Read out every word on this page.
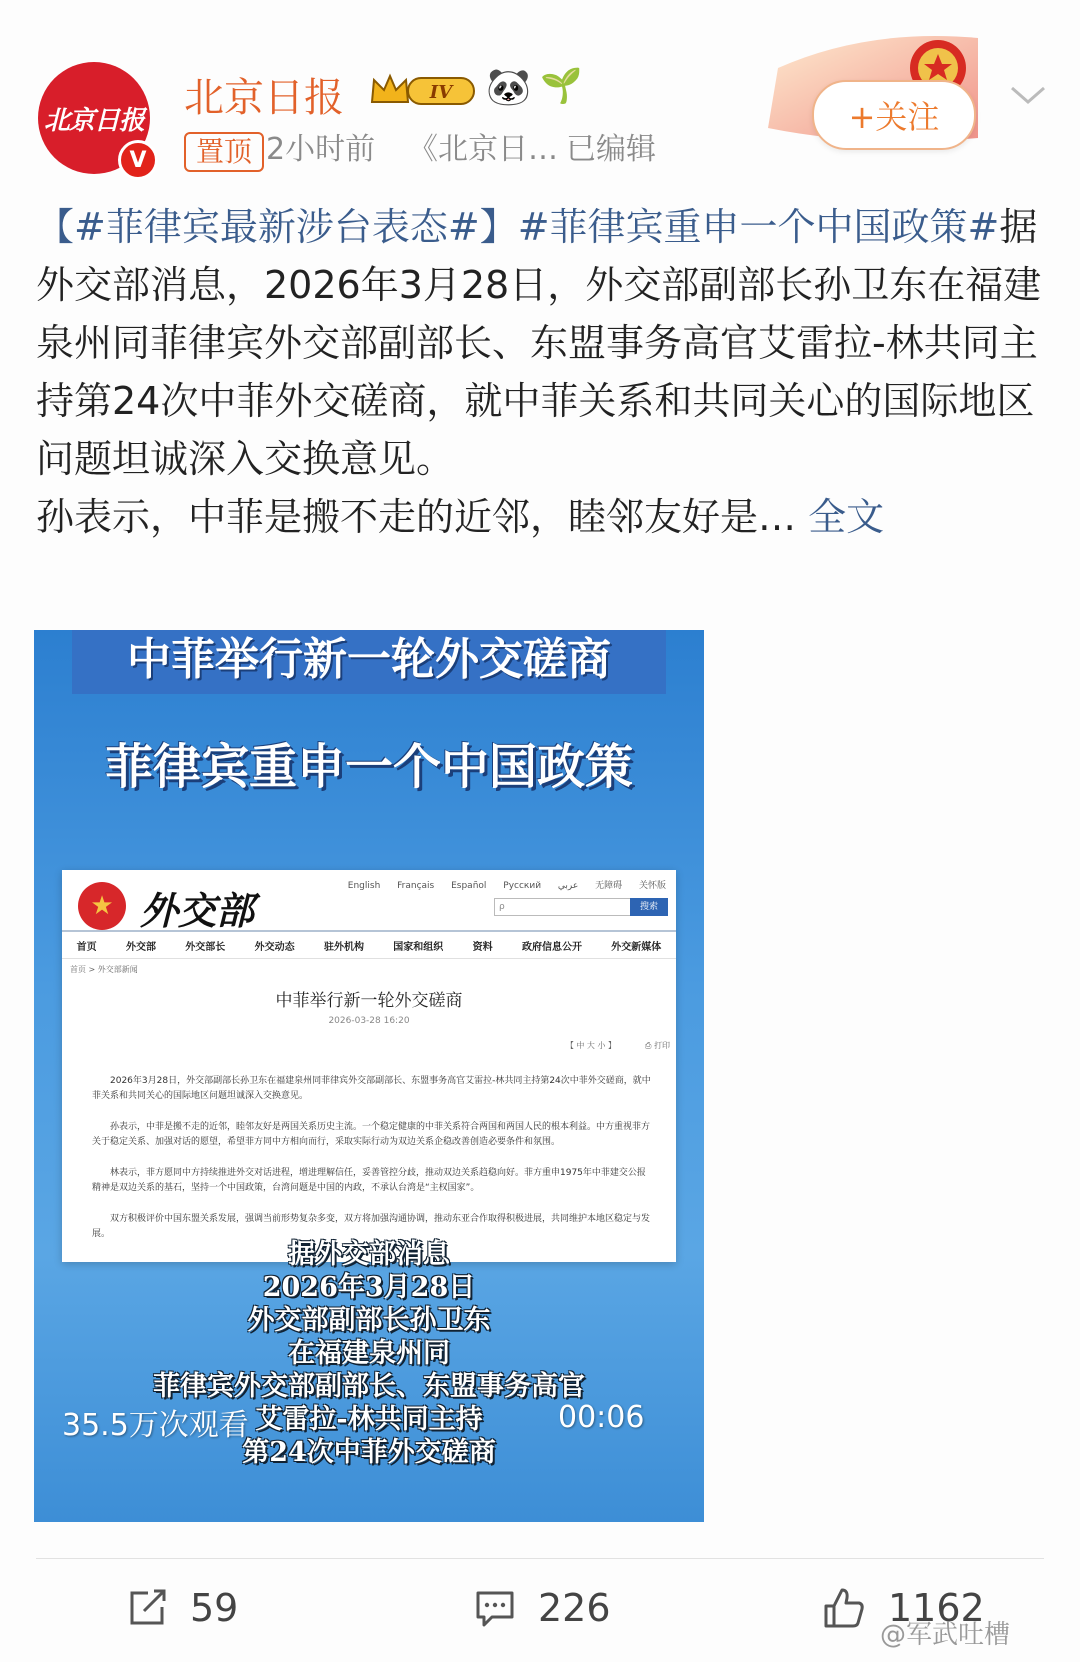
北京日报
V
北京日报	IV 🐼 🌱
置顶 2小时前 《北京日… 已编辑
+关注
【#菲律宾最新涉台表态#】#菲律宾重申一个中国政策#据外交部消息，2026年3月28日，外交部副部长孙卫东在福建泉州同菲律宾外交部副部长、东盟事务高官艾雷拉-林共同主持第24次中菲外交磋商，就中菲关系和共同关心的国际地区问题坦诚深入交换意见。
孙表示，中菲是搬不走的近邻，睦邻友好是… 全文
中菲举行新一轮外交磋商
菲律宾重申一个中国政策
★ 外交部
English Français Español Русский عربي 无障碍 关怀版
ρ	搜索
首页	外交部	外交部长	外交动态	驻外机构	国家和组织	资料	政府信息公开	外交新媒体
首页 > 外交部新闻
中菲举行新一轮外交磋商
2026-03-28 16:20
【 中 大 小 】	⎙ 打印
2026年3月28日，外交部副部长孙卫东在福建泉州同菲律宾外交部副部长、东盟事务高官艾雷拉-林共同主持第24次中菲外交磋商，就中菲关系和共同关心的国际地区问题坦诚深入交换意见。
孙表示，中菲是搬不走的近邻，睦邻友好是两国关系历史主流。一个稳定健康的中菲关系符合两国和两国人民的根本利益。中方重视菲方关于稳定关系、加强对话的愿望，希望菲方同中方相向而行，采取实际行动为双边关系企稳改善创造必要条件和氛围。
林表示，菲方愿同中方持续推进外交对话进程，增进理解信任，妥善管控分歧，推动双边关系趋稳向好。菲方重申1975年中菲建交公报精神是双边关系的基石，坚持一个中国政策，台湾问题是中国的内政，不承认台湾是“主权国家”。
双方积极评价中国东盟关系发展，强调当前形势复杂多变，双方将加强沟通协调，推动东亚合作取得积极进展，共同维护本地区稳定与发展。
据外交部消息
2026年3月28日
外交部副部长孙卫东
在福建泉州同
菲律宾外交部副部长、东盟事务高官
艾雷拉-林共同主持
第24次中菲外交磋商
35.5万次观看	00:06
59	226	1162
@军武吐槽
